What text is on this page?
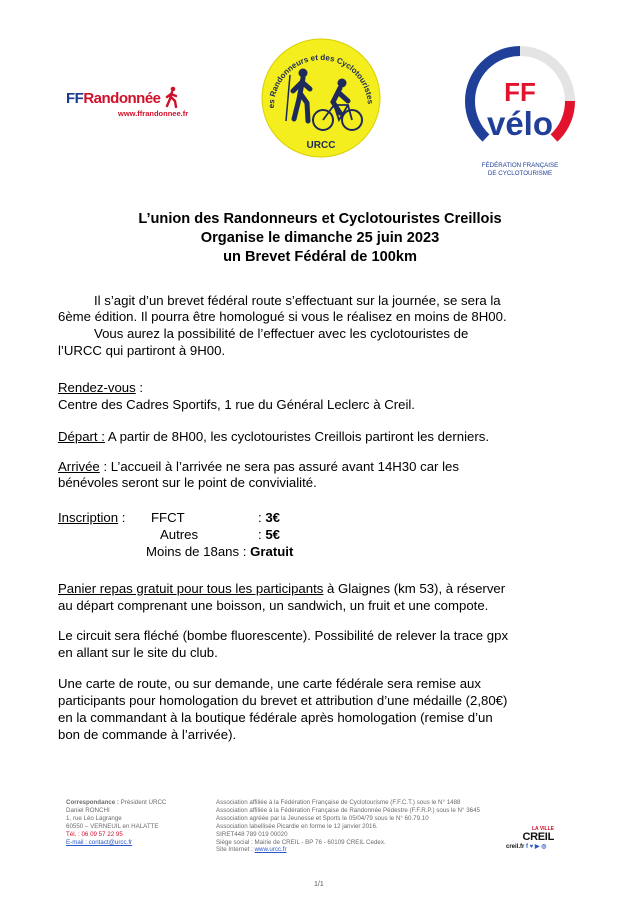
FFRandonnée
www.ffrandonnee.fr
es Randonneurs et des Cyclotouristes
URCC
FF
vélo
FÉDÉRATION FRANÇAISE
DE CYCLOTOURISME
L’union des Randonneurs et Cyclotouristes Creillois
Organise le dimanche 25 juin 2023
un Brevet Fédéral de 100km
Il s’agit d’un brevet fédéral route s’effectuant sur la journée, se sera la
6ème édition. Il pourra être homologué si vous le réalisez en moins de 8H00.
Vous aurez la possibilité de l’effectuer avec les cyclotouristes de
l’URCC qui partiront à 9H00.
Rendez-vous :
Centre des Cadres Sportifs, 1 rue du Général Leclerc à Creil.
Départ : A partir de 8H00, les cyclotouristes Creillois partiront les derniers.
Arrivée : L’accueil à l’arrivée ne sera pas assuré avant 14H30 car les
bénévoles seront sur le point de convivialité.
Inscription : FFCT	: 3€
Autres	: 5€
Moins de 18ans : Gratuit
Panier repas gratuit pour tous les participants à Glaignes (km 53), à réserver
au départ comprenant une boisson, un sandwich, un fruit et une compote.
Le circuit sera fléché (bombe fluorescente). Possibilité de relever la trace gpx
en allant sur le site du club.
Une carte de route, ou sur demande, une carte fédérale sera remise aux
participants pour homologation du brevet et attribution d’une médaille (2,80€)
en la commandant à la boutique fédérale après homologation (remise d’un
bon de commande à l’arrivée).
Correspondance : Président URCC
Daniel RONCHI
1, rue Léo Lagrange
60550 – VERNEUIL en HALATTE
Tél. : 06 09 57 22 95
E-mail : contact@urcc.fr
Association affiliée à la Fédération Française de Cyclotourisme (F.F.C.T.) sous le N° 1488
Association affiliée à la Fédération Française de Randonnée Pédestre (F.F.R.P.) sous le N° 3645
Association agréée par la Jeunesse et Sports le 05/04/79 sous le N° 60.79.10
Association labellisée Picardie en forme le 12 janvier 2016.
SIRET448 789 019 00020
Siège social : Mairie de CREIL - BP 76 - 60109 CREIL Cedex.
Site Internet : www.urcc.fr
LA VILLE
CREIL
creil.fr f ♥ ▶ ◎
1/1
